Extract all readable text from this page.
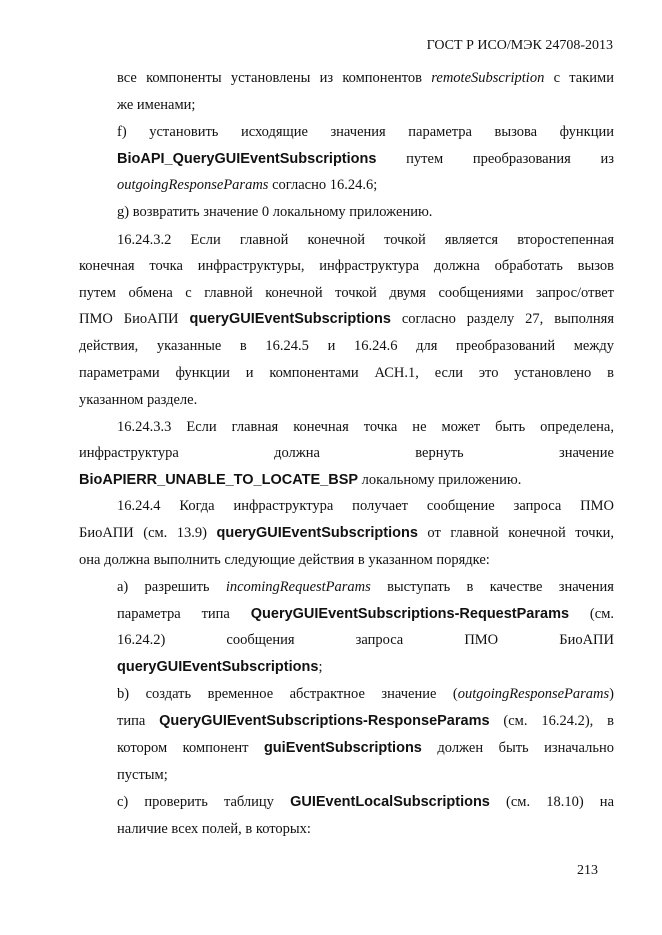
ГОСТ Р ИСО/МЭК 24708-2013
все компоненты установлены из компонентов remoteSubscription с такими
же именами;
f) установить исходящие значения параметра вызова функции
BioAPI_QueryGUIEventSubscriptions путем преобразования из
outgoingResponseParams согласно 16.24.6;
g) возвратить значение 0 локальному приложению.
16.24.3.2 Если главной конечной точкой является второстепенная
конечная точка инфраструктуры, инфраструктура должна обработать вызов
путем обмена с главной конечной точкой двумя сообщениями запрос/ответ
ПМО БиоАПИ queryGUIEventSubscriptions согласно разделу 27, выполняя
действия, указанные в 16.24.5 и 16.24.6 для преобразований между
параметрами функции и компонентами АСН.1, если это установлено в
указанном разделе.
16.24.3.3 Если главная конечная точка не может быть определена,
инфраструктура должна вернуть значение
BioAPIERR_UNABLE_TO_LOCATE_BSP локальному приложению.
16.24.4 Когда инфраструктура получает сообщение запроса ПМО
БиоАПИ (см. 13.9) queryGUIEventSubscriptions от главной конечной точки,
она должна выполнить следующие действия в указанном порядке:
а) разрешить incomingRequestParams выступать в качестве значения
параметра типа QueryGUIEventSubscriptions-RequestParams (см.
16.24.2) сообщения запроса ПМО БиоАПИ
queryGUIEventSubscriptions;
b) создать временное абстрактное значение (outgoingResponseParams)
типа QueryGUIEventSubscriptions-ResponseParams (см. 16.24.2), в
котором компонент guiEventSubscriptions должен быть изначально
пустым;
c) проверить таблицу GUIEventLocalSubscriptions (см. 18.10) на
наличие всех полей, в которых:
213
